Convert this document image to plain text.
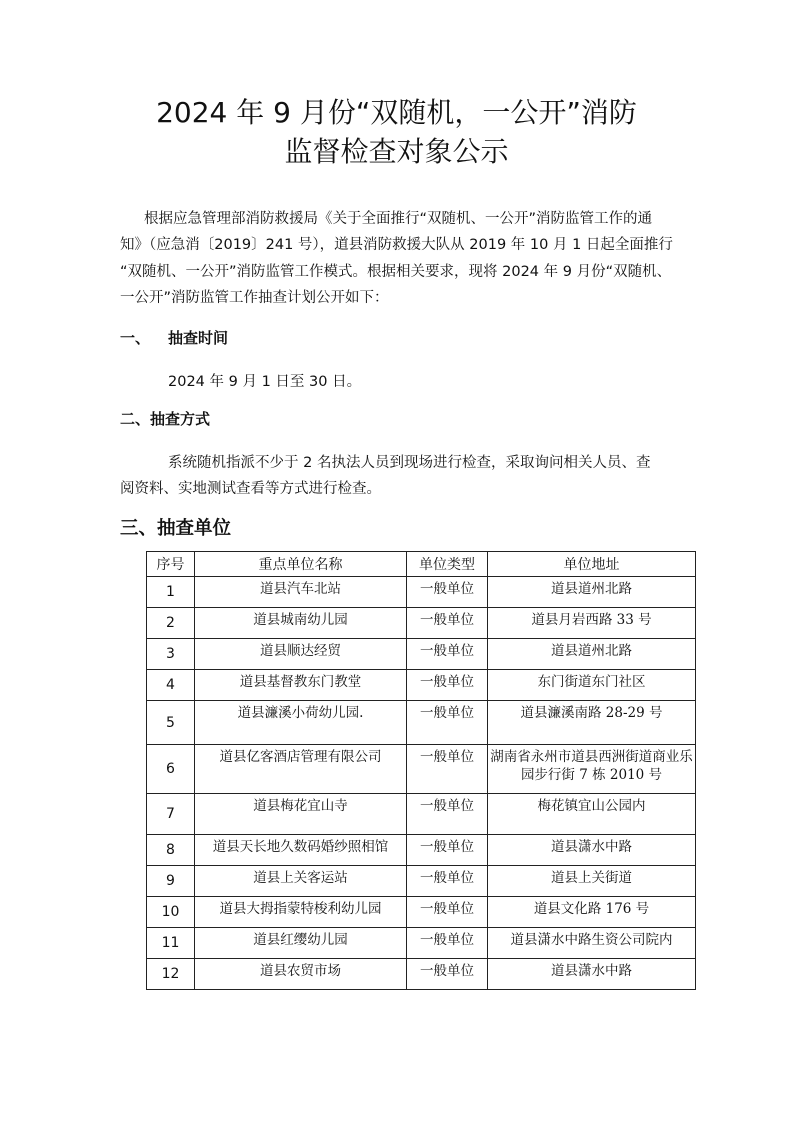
2024 年 9 月份“双随机，一公开”消防
监督检查对象公示
根据应急管理部消防救援局《关于全面推行“双随机、一公开”消防监管工作的通
知》（应急消〔2019〕241 号），道县消防救援大队从 2019 年 10 月 1 日起全面推行
“双随机、一公开”消防监管工作模式。根据相关要求，现将 2024 年 9 月份“双随机、
一公开”消防监管工作抽查计划公开如下：
一、 抽查时间
2024 年 9 月 1 日至 30 日。
二、抽查方式
系统随机指派不少于 2 名执法人员到现场进行检查，采取询问相关人员、查
阅资料、实地测试查看等方式进行检查。
三、抽查单位
序号	重点单位名称	单位类型	单位地址
1	道县汽车北站	一般单位	道县道州北路
2	道县城南幼儿园	一般单位	道县月岩西路 33 号
3	道县顺达经贸	一般单位	道县道州北路
4	道县基督教东门教堂	一般单位	东门街道东门社区
5	道县濂溪小荷幼儿园.	一般单位	道县濂溪南路 28-29 号
6	道县亿客酒店管理有限公司	一般单位	湖南省永州市道县西洲街道商业乐园步行街 7 栋 2010 号
7	道县梅花宜山寺	一般单位	梅花镇宜山公园内
8	道县天长地久数码婚纱照相馆	一般单位	道县潇水中路
9	道县上关客运站	一般单位	道县上关街道
10	道县大拇指蒙特梭利幼儿园	一般单位	道县文化路 176 号
11	道县红缨幼儿园	一般单位	道县潇水中路生资公司院内
12	道县农贸市场	一般单位	道县潇水中路
